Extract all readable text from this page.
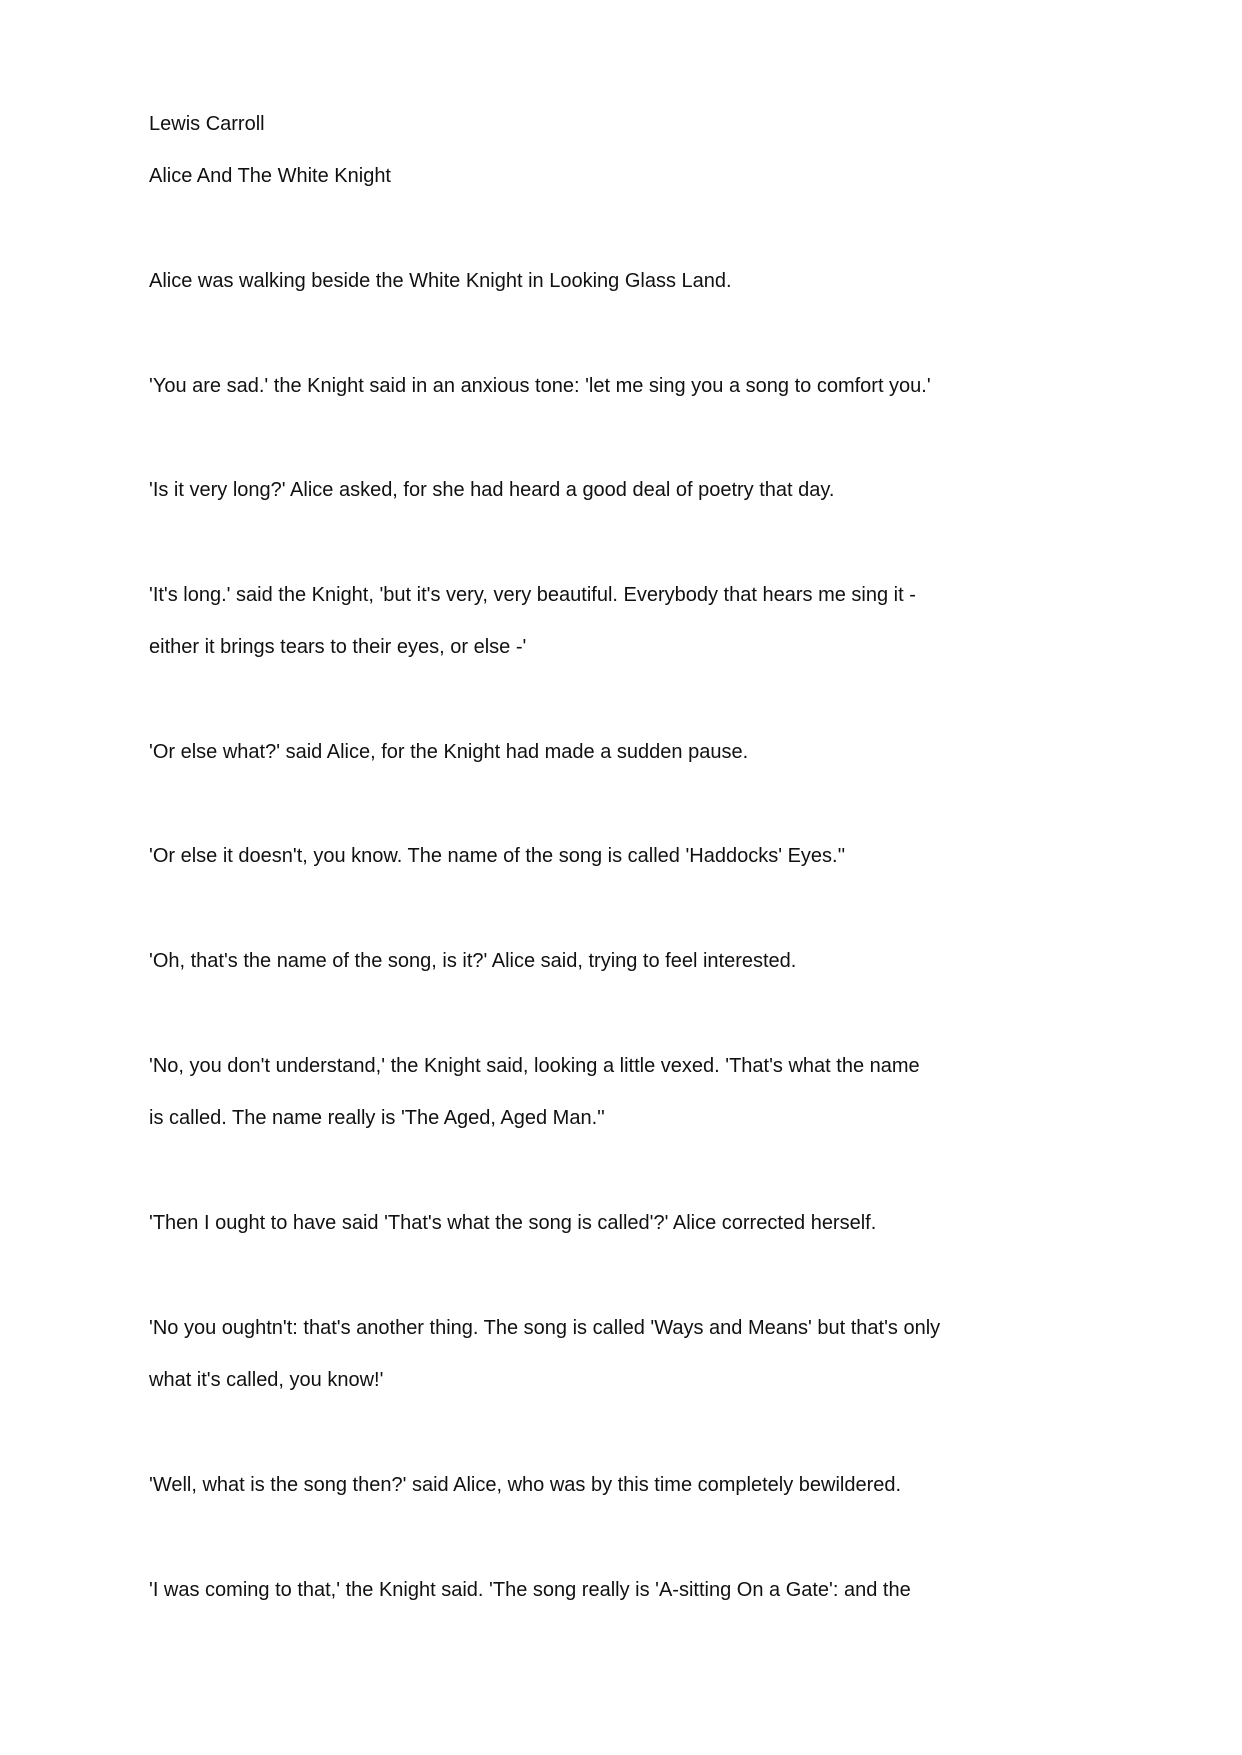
Lewis Carroll
Alice And The White Knight
Alice was walking beside the White Knight in Looking Glass Land.
'You are sad.' the Knight said in an anxious tone: 'let me sing you a song to comfort you.'
'Is it very long?' Alice asked, for she had heard a good deal of poetry that day.
'It's long.' said the Knight, 'but it's very, very beautiful. Everybody that hears me sing it -
either it brings tears to their eyes, or else -'
'Or else what?' said Alice, for the Knight had made a sudden pause.
'Or else it doesn't, you know. The name of the song is called 'Haddocks' Eyes.''
'Oh, that's the name of the song, is it?' Alice said, trying to feel interested.
'No, you don't understand,' the Knight said, looking a little vexed. 'That's what the name
is called. The name really is 'The Aged, Aged Man.''
'Then I ought to have said 'That's what the song is called'?' Alice corrected herself.
'No you oughtn't: that's another thing. The song is called 'Ways and Means' but that's only
what it's called, you know!'
'Well, what is the song then?' said Alice, who was by this time completely bewildered.
'I was coming to that,' the Knight said. 'The song really is 'A-sitting On a Gate': and the
